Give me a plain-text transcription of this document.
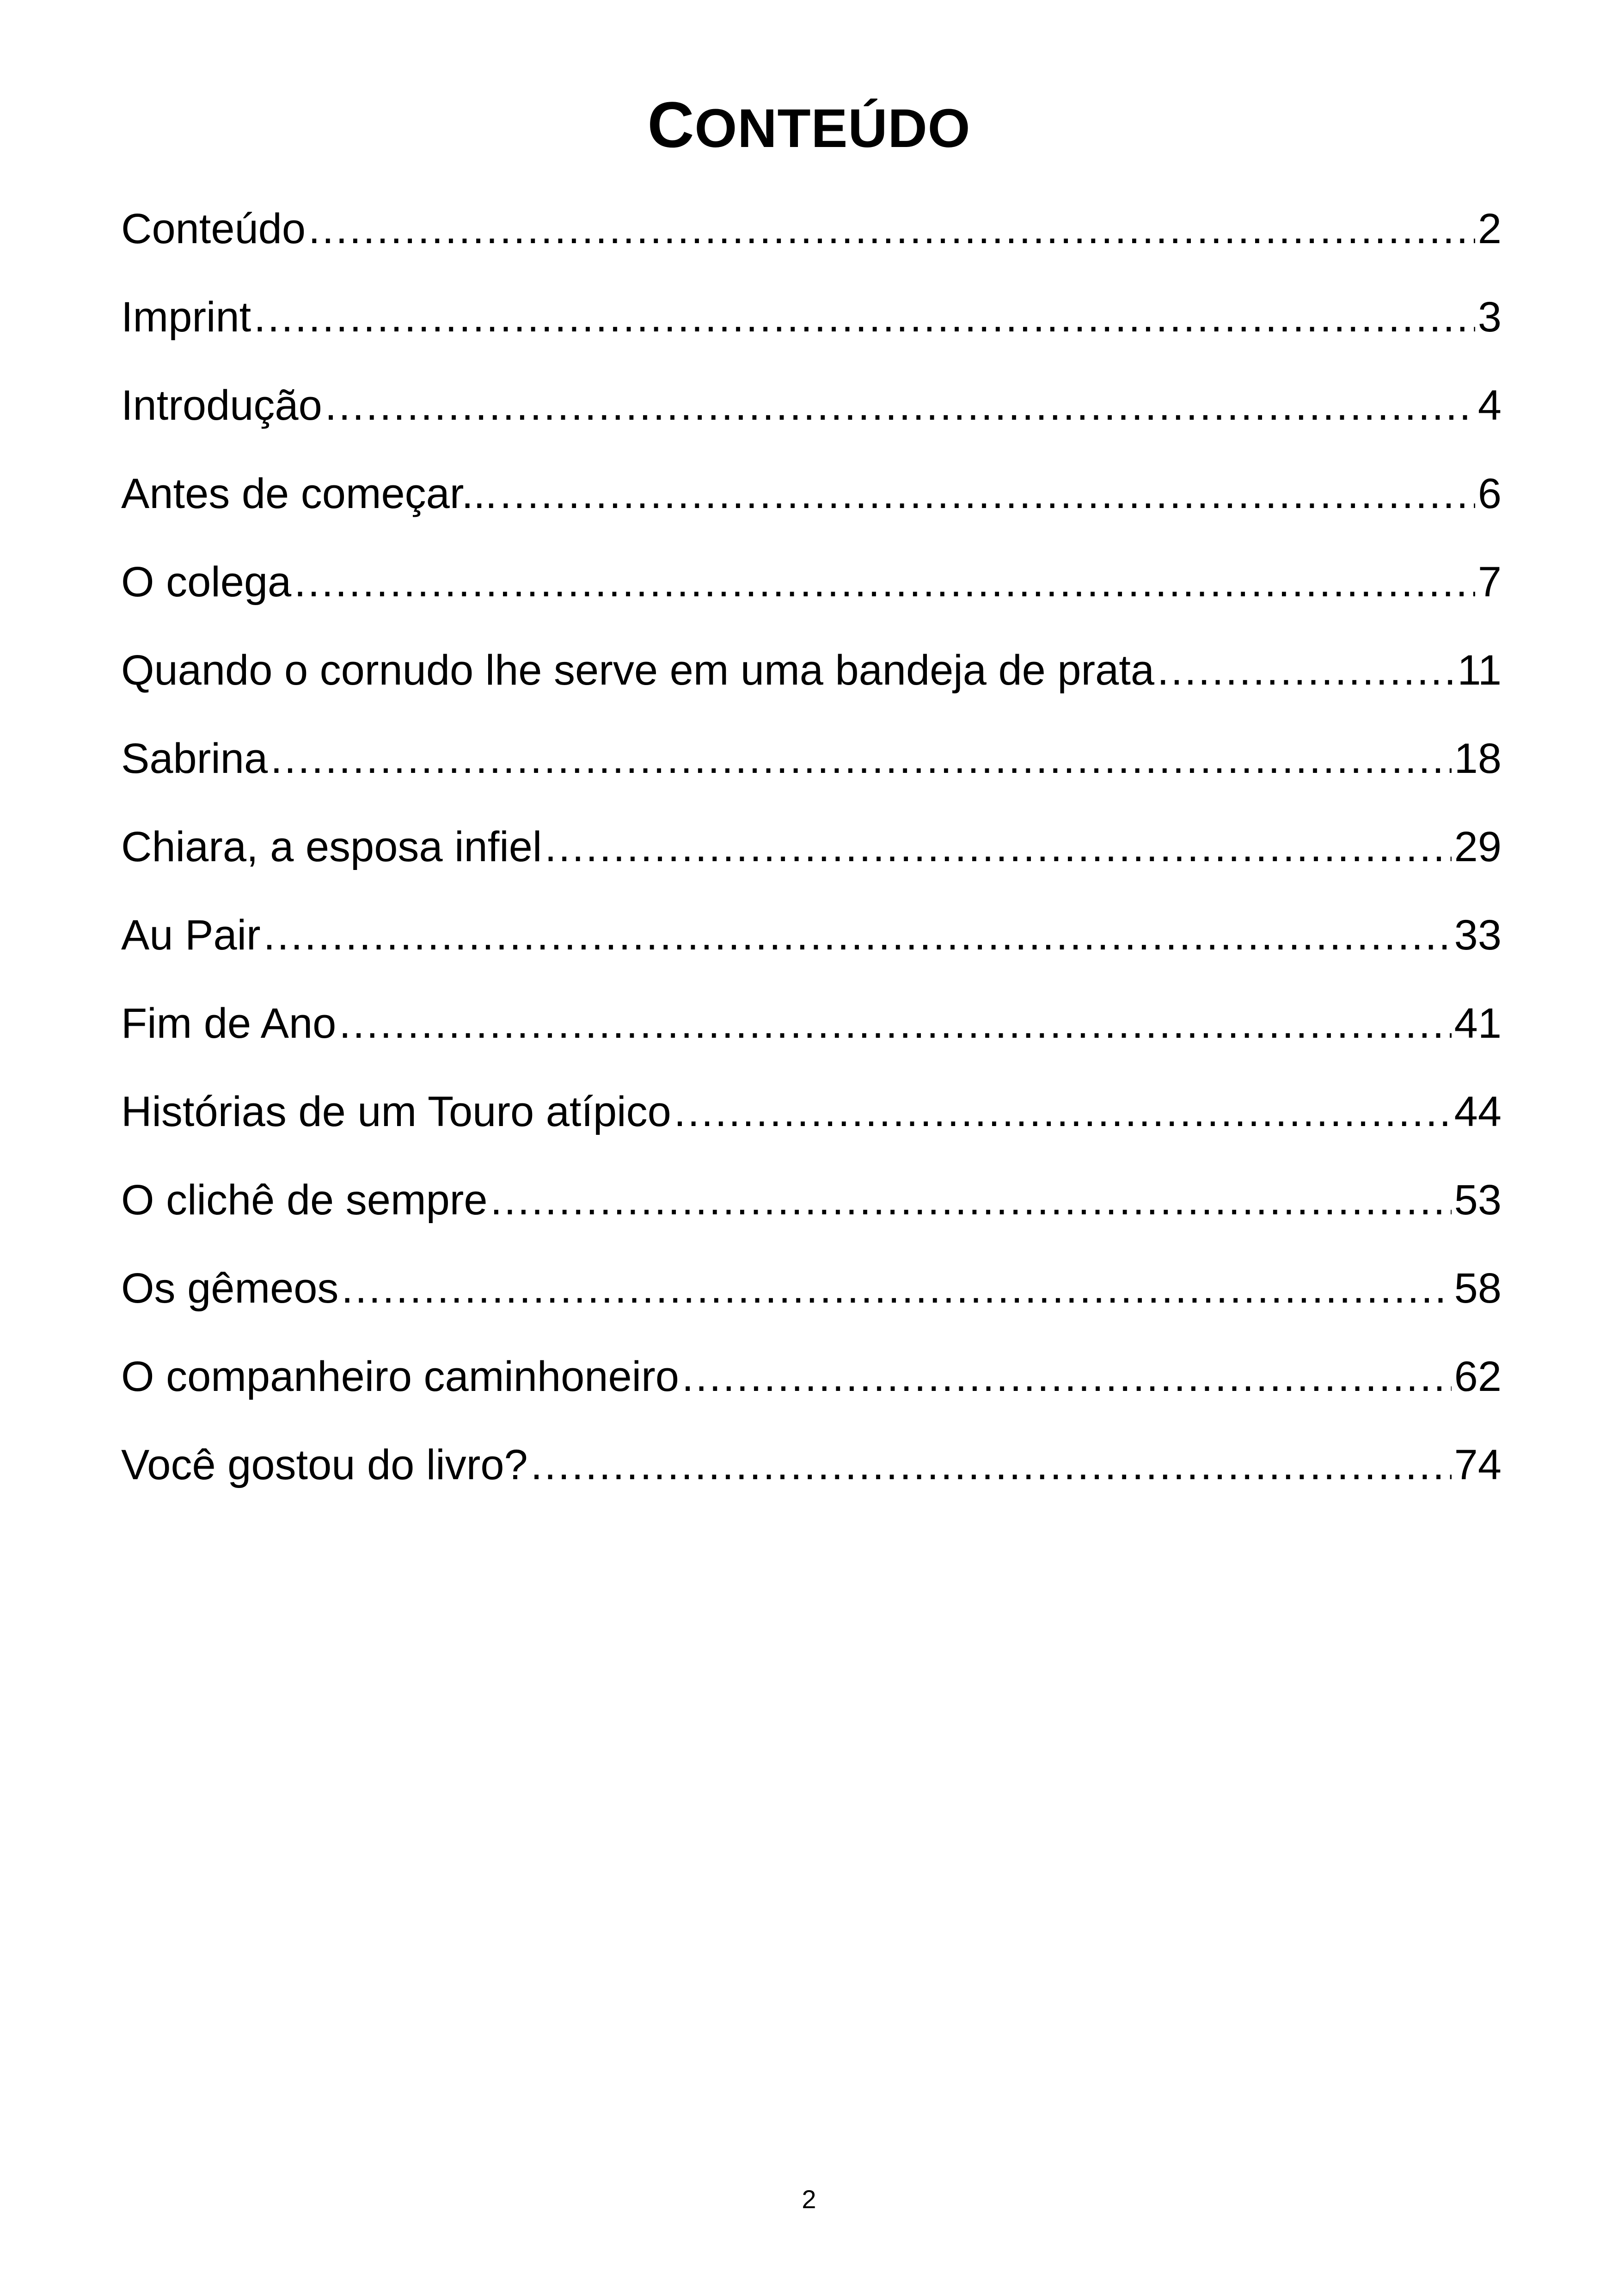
CONTEÚDO
Conteúdo .....	2
Imprint .....	3
Introdução .....	4
Antes de começar... .....	6
O colega .....	7
Quando o cornudo lhe serve em uma bandeja de prata .....	11
Sabrina .....	18
Chiara, a esposa infiel .....	29
Au Pair .....	33
Fim de Ano .....	41
Histórias de um Touro atípico .....	44
O clichê de sempre .....	53
Os gêmeos .....	58
O companheiro caminhoneiro .....	62
Você gostou do livro? .....	74
2
